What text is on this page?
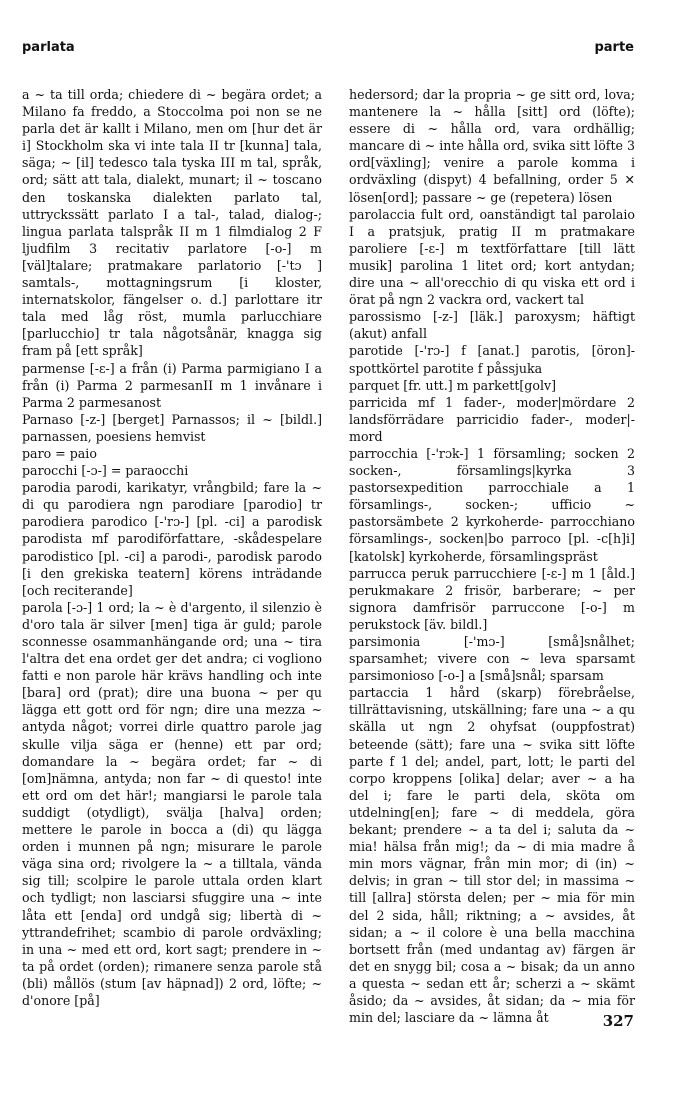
parlata	parte

a ~ ta till orda; chiedere di ~ begära ordet; a Milano fa freddo, a Stoccolma poi non se ne parla det är kallt i Milano, men om [hur det är i] Stockholm ska vi inte tala II tr [kunna] tala, säga; ~ [il] tedesco tala tyska III m tal, språk, ord; sätt att tala, dialekt, munart; il ~ toscano den toskanska dialekten parlato tal, uttryckssätt parlato I a tal-, talad, dialog-; lingua parlata talspråk II m 1 filmdialog 2 F ljudfilm 3 recitativ parlatore [-o-] m [väl]talare; pratmakare parlatorio [-'tɔ ] samtals-, mottagningsrum [i kloster, internatskolor, fängelser o. d.] parlottare itr tala med låg röst, mumla parlucchiare [parlucchio] tr tala någotsånär, knagga sig fram på [ett språk]

parmense [-ɛ-] a från (i) Parma parmigiano I a från (i) Parma 2 parmesanII m 1 invånare i Parma 2 parmesanost

Parnaso [-z-] [berget] Parnassos; il ~ [bildl.] parnassen, poesiens hemvist

paro = paio

parocchi [-ɔ-] = paraocchi

parodia parodi, karikatyr, vrångbild; fare la ~ di qu parodiera ngn parodiare [parodio] tr parodiera parodico [-'rɔ-] [pl. -ci] a parodisk parodista mf parodiförfattare, -skådespelare parodistico [pl. -ci] a parodi-, parodisk parodo [i den grekiska teatern] körens inträdande [och reciterande]

parola [-ɔ-] 1 ord; la ~ è d'argento, il silenzio è d'oro tala är silver [men] tiga är guld; parole sconnesse osammanhängande ord; una ~ tira l'altra det ena ordet ger det andra; ci vogliono fatti e non parole här krävs handling och inte [bara] ord (prat); dire una buona ~ per qu lägga ett gott ord för ngn; dire una mezza ~ antyda något; vorrei dirle quattro parole jag skulle vilja säga er (henne) ett par ord; domandare la ~ begära ordet; far ~ di [om]nämna, antyda; non far ~ di questo! inte ett ord om det här!; mangiarsi le parole tala suddigt (otydligt), svälja [halva] orden; mettere le parole in bocca a (di) qu lägga orden i munnen på ngn; misurare le parole väga sina ord; rivolgere la ~ a tilltala, vända sig till; scolpire le parole uttala orden klart och tydligt; non lasciarsi sfuggire una ~ inte låta ett [enda] ord undgå sig; libertà di ~ yttrandefrihet; scambio di parole ordväxling; in una ~ med ett ord, kort sagt; prendere in ~ ta på ordet (orden); rimanere senza parole stå (bli) mållös (stum [av häpnad]) 2 ord, löfte; ~ d'onore [på]

hedersord; dar la propria ~ ge sitt ord, lova; mantenere la ~ hålla [sitt] ord (löfte); essere di ~ hålla ord, vara ordhällig; mancare di ~ inte hålla ord, svika sitt löfte 3 ord[växling]; venire a parole komma i ordväxling (dispyt) 4 befallning, order 5 ✕ lösen[ord]; passare ~ ge (repetera) lösen

parolaccia fult ord, oanständigt tal parolaio I a pratsjuk, pratig II m pratmakare paroliere [-ɛ-] m textförfattare [till lätt musik] parolina 1 litet ord; kort antydan; dire una ~ all'orecchio di qu viska ett ord i örat på ngn 2 vackra ord, vackert tal

parossismo [-z-] [läk.] paroxysm; häftigt (akut) anfall

parotide [-'rɔ-] f [anat.] parotis, [öron]-spottkörtel parotite f påssjuka

parquet [fr. utt.] m parkett[golv]

parricida mf 1 fader-, moder|mördare 2 landsförrädare parricidio fader-, moder|-mord

parrocchia [-'rɔk-] 1 församling; socken 2 socken-, församlings|kyrka 3 pastorsexpedition parrocchiale a 1 församlings-, socken-; ufficio ~ pastorsämbete 2 kyrkoherde- parrocchiano församlings-, socken|bo parroco [pl. -c[h]i] [katolsk] kyrkoherde, församlingspräst

parrucca peruk parrucchiere [-ɛ-] m 1 [åld.] perukmakare 2 frisör, barberare; ~ per signora damfrisör parruccone [-o-] m perukstock [äv. bildl.]

parsimonia [-'mɔ-] [små]snålhet; sparsamhet; vivere con ~ leva sparsamt parsimonioso [-o-] a [små]snål; sparsam

partaccia 1 hård (skarp) förebråelse, tillrättavisning, utskällning; fare una ~ a qu skälla ut ngn 2 ohyfsat (ouppfostrat) beteende (sätt); fare una ~ svika sitt löfte parte f 1 del; andel, part, lott; le parti del corpo kroppens [olika] delar; aver ~ a ha del i; fare le parti dela, sköta om utdelning[en]; fare ~ di meddela, göra bekant; prendere ~ a ta del i; saluta da ~ mia! hälsa från mig!; da ~ di mia madre å min mors vägnar, från min mor; di (in) ~ delvis; in gran ~ till stor del; in massima ~ till [allra] största delen; per ~ mia för min del 2 sida, håll; riktning; a ~ avsides, åt sidan; a ~ il colore è una bella macchina bortsett från (med undantag av) färgen är det en snygg bil; cosa a ~ bisak; da un anno a questa ~ sedan ett år; scherzi a ~ skämt åsido; da ~ avsides, åt sidan; da ~ mia för min del; lasciare da ~ lämna åt	327
